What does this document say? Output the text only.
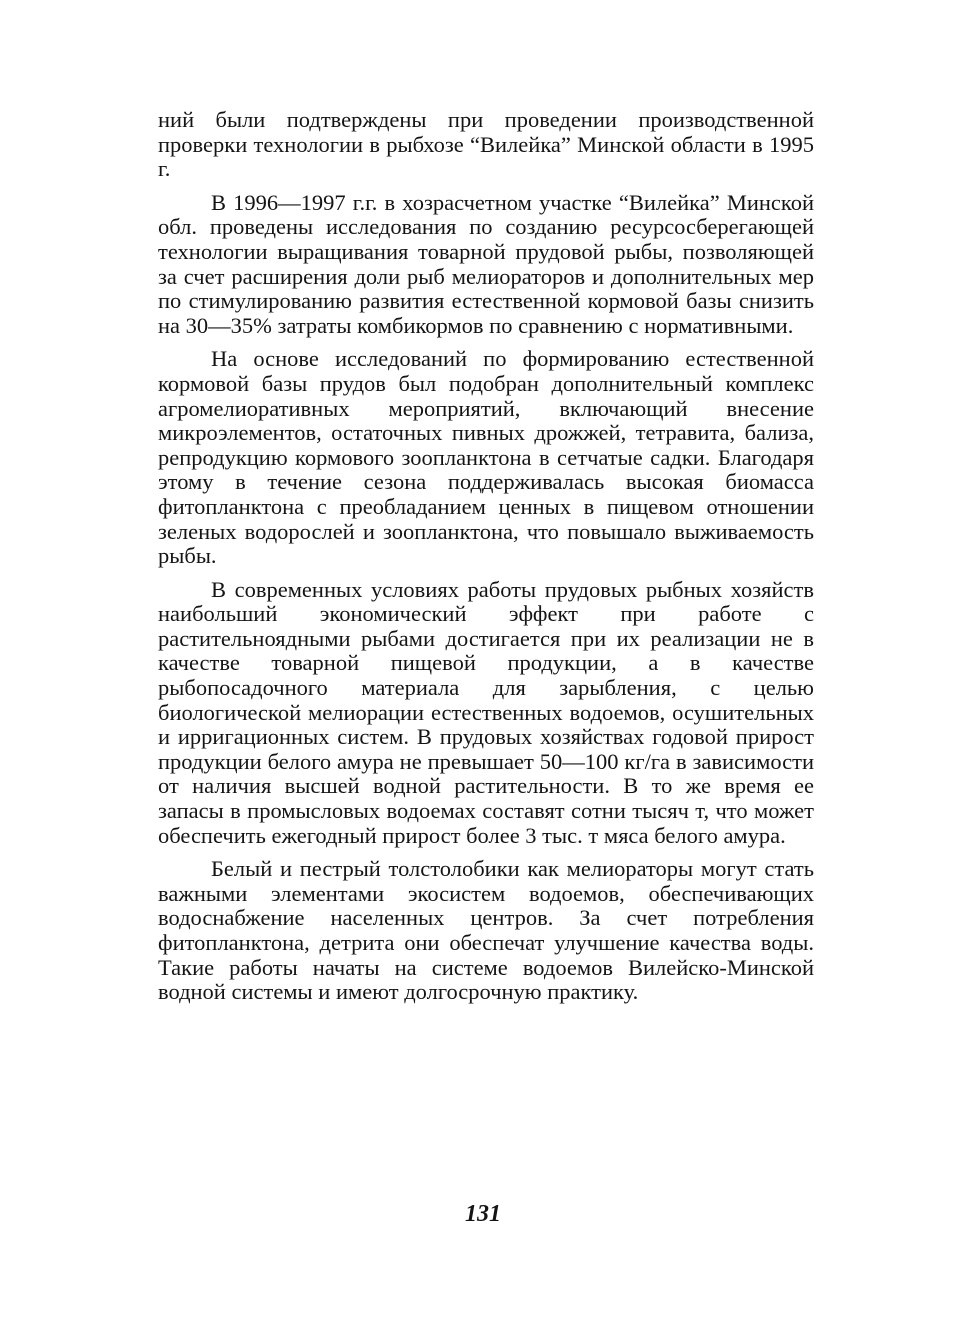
ний были подтверждены при проведении производственной проверки технологии в рыбхозе “Вилейка” Минской области в 1995 г.

В 1996—1997 г.г. в хозрасчетном участке “Вилейка” Минской обл. проведены исследования по созданию ресурсосберегающей технологии выращивания товарной прудовой рыбы, позволяющей за счет расширения доли рыб мелиораторов и дополнительных мер по стимулированию развития естественной кормовой базы снизить на 30—35% затраты комбикормов по сравнению с нормативными.

На основе исследований по формированию естественной кормовой базы прудов был подобран дополнительный комплекс агромелиоративных мероприятий, включающий внесение микроэлементов, остаточных пивных дрожжей, тетравита, бализа, репродукцию кормового зоопланктона в сетчатые садки. Благодаря этому в течение сезона поддерживалась высокая биомасса фитопланктона с преобладанием ценных в пищевом отношении зеленых водорослей и зоопланктона, что повышало выживаемость рыбы.

В современных условиях работы прудовых рыбных хозяйств наибольший экономический эффект при работе с растительноядными рыбами достигается при их реализации не в качестве товарной пищевой продукции, а в качестве рыбопосадочного материала для зарыбления, с целью биологической мелиорации естественных водоемов, осушительных и ирригационных систем. В прудовых хозяйствах годовой прирост продукции белого амура не превышает 50—100 кг/га в зависимости от наличия высшей водной растительности. В то же время ее запасы в промысловых водоемах составят сотни тысяч т, что может обеспечить ежегодный прирост более 3 тыс. т мяса белого амура.

Белый и пестрый толстолобики как мелиораторы могут стать важными элементами экосистем водоемов, обеспечивающих водоснабжение населенных центров. За счет потребления фитопланктона, детрита они обеспечат улучшение качества воды. Такие работы начаты на системе водоемов Вилейско-Минской водной системы и имеют долгосрочную практику.

131
